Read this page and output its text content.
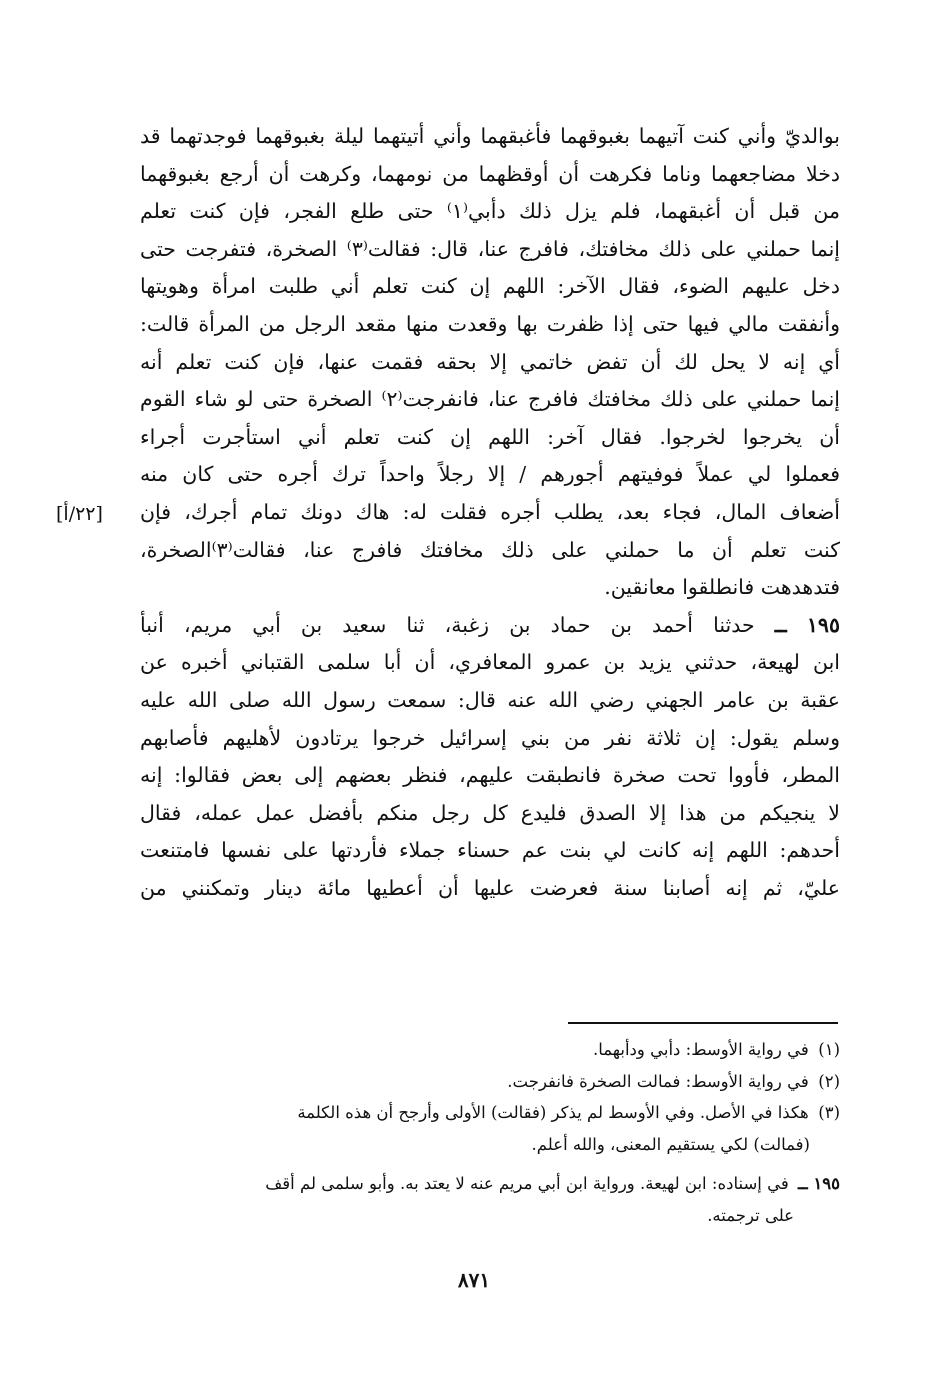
بوالديّ وأني كنت آتيهما بغبوقهما فأغبقهما وأني أتيتهما ليلة بغبوقهما فوجدتهما قد
دخلا مضاجعهما وناما فكرهت أن أوقظهما من نومهما، وكرهت أن أرجع بغبوقهما
من قبل أن أغبقهما، فلم يزل ذلك دأبي⁽١⁾ حتى طلع الفجر، فإن كنت تعلم
إنما حملني على ذلك مخافتك، فافرج عنا، قال: فقالت⁽٣⁾ الصخرة، فتفرجت حتى
دخل عليهم الضوء، فقال الآخر: اللهم إن كنت تعلم أني طلبت امرأة وهويتها
وأنفقت مالي فيها حتى إذا ظفرت بها وقعدت منها مقعد الرجل من المرأة قالت:
أي إنه لا يحل لك أن تفض خاتمي إلا بحقه فقمت عنها، فإن كنت تعلم أنه
إنما حملني على ذلك مخافتك فافرج عنا، فانفرجت⁽٢⁾ الصخرة حتى لو شاء القوم
أن يخرجوا لخرجوا. فقال آخر: اللهم إن كنت تعلم أني استأجرت أجراء
فعملوا لي عملاً فوفيتهم أجورهم / إلا رجلاً واحداً ترك أجره حتى كان منه
أضعاف المال، فجاء بعد، يطلب أجره فقلت له: هاك دونك تمام أجرك، فإن
كنت تعلم أن ما حملني على ذلك مخافتك فافرج عنا، فقالت⁽٣⁾الصخرة،
فتدهدهت فانطلقوا معانقين.
١٩٥ ــ حدثنا أحمد بن حماد بن زغبة، ثنا سعيد بن أبي مريم، أنبأ
ابن لهيعة، حدثني يزيد بن عمرو المعافري، أن أبا سلمى القتباني أخبره عن
عقبة بن عامر الجهني رضي الله عنه قال: سمعت رسول الله صلى الله عليه
وسلم يقول: إن ثلاثة نفر من بني إسرائيل خرجوا يرتادون لأهليهم فأصابهم
المطر، فأووا تحت صخرة فانطبقت عليهم، فنظر بعضهم إلى بعض فقالوا: إنه
لا ينجيكم من هذا إلا الصدق فليدع كل رجل منكم بأفضل عمل عمله، فقال
أحدهم: اللهم إنه كانت لي بنت عم حسناء جملاء فأردتها على نفسها فامتنعت
عليّ، ثم إنه أصابنا سنة فعرضت عليها أن أعطيها مائة دينار وتمكنني من
[٢٢/أ]
(١) في رواية الأوسط: دأبي ودأبهما.
(٢) في رواية الأوسط: فمالت الصخرة فانفرجت.
(٣) هكذا في الأصل. وفي الأوسط لم يذكر (فقالت) الأولى وأرجح أن هذه الكلمة
(فمالت) لكي يستقيم المعنى، والله أعلم.
١٩٥ ــ في إسناده: ابن لهيعة. ورواية ابن أبي مريم عنه لا يعتد به. وأبو سلمى لم أقف
على ترجمته.
٨٧١
